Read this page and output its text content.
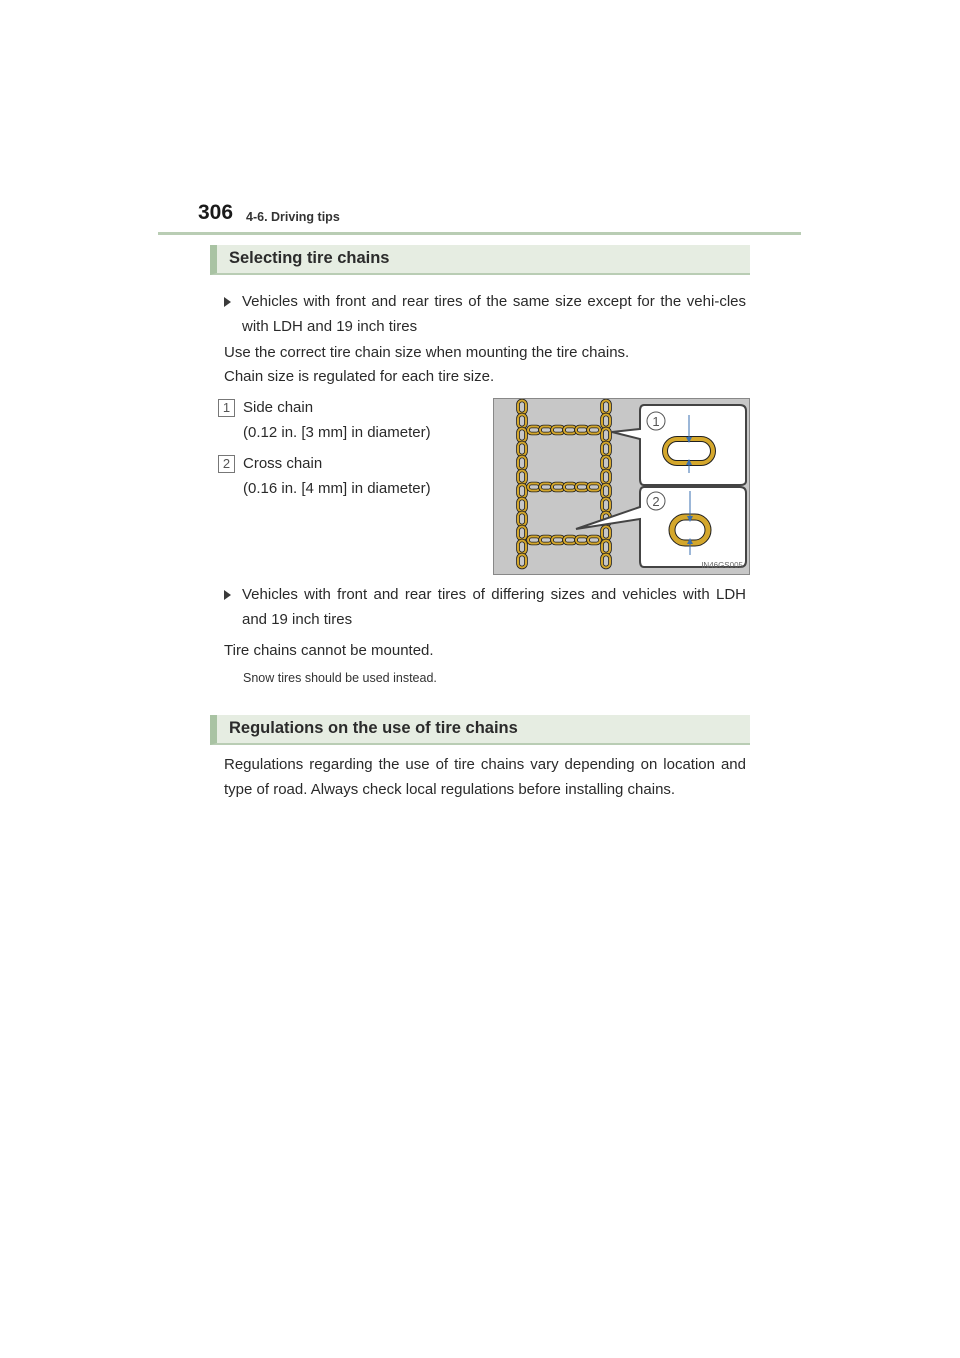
306 4-6. Driving tips
Selecting tire chains
Vehicles with front and rear tires of the same size except for the vehi-cles with LDH and 19 inch tires

Use the correct tire chain size when mounting the tire chains.

Chain size is regulated for each tire size.

1 Side chain
(0.12 in. [3 mm] in diameter)
2 Cross chain
(0.16 in. [4 mm] in diameter)
1
2
IN46GS005
Vehicles with front and rear tires of differing sizes and vehicles with LDH and 19 inch tires

Tire chains cannot be mounted.

Snow tires should be used instead.
Regulations on the use of tire chains

Regulations regarding the use of tire chains vary depending on location and type of road. Always check local regulations before installing chains.
